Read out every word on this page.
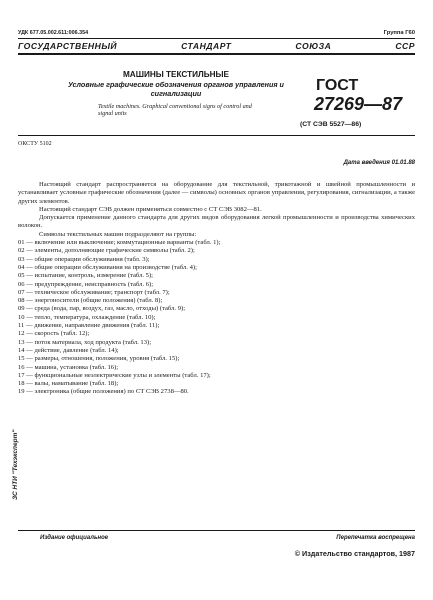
УДК 677.05.002.611:006.354	Группа Г60
ГОСУДАРСТВЕННЫЙ	СТАНДАРТ	СОЮЗА	ССР
МАШИНЫ ТЕКСТИЛЬНЫЕ
Условные графические обозначения органов управления и сигнализации
Textile machines. Graphical conventional signs of control and signal units
ГОСТ
27269—87
(СТ СЭВ 5527—86)
ОКСТУ 5102
Дата введения 01.01.88

Настоящий стандарт распространяется на оборудование для текстильной, трикотажной и швейной промышленности и устанавливает условные графические обозначения (далее — символы) основных органов управления, регулирования, сигнализации, а также других элементов.

Настоящий стандарт СЭВ должен применяться совместно с СТ СЭВ 3082—81.

Допускается применение данного стандарта для других видов оборудования легкой промышленности и производства химических волокон.

Символы текстильных машин подразделяют на группы:

01 — включение или выключение; коммутационные варианты (табл. 1);
02 — элементы, дополняющие графические символы (табл. 2);
03 — общие операции обслуживания (табл. 3);
04 — общие операции обслуживания на производстве (табл. 4);
05 — испытание, контроль, измерение (табл. 5);
06 — предупреждение, неисправность (табл. 6);
07 — техническое обслуживание; транспорт (табл. 7);
08 — энергоносители (общие положения) (табл. 8);
09 — среда (вода, пар, воздух, газ, масло, отходы) (табл. 9);
10 — тепло, температура, охлаждение (табл. 10);
11 — движение, направление движения (табл. 11);
12 — скорость (табл. 12);
13 — поток материала, ход продукта (табл. 13);
14 — действие, давление (табл. 14);
15 — размеры, отношения, положения, уровня (табл. 15);
16 — машина, установка (табл. 16);
17 — функциональные неэлектрические узлы и элементы (табл. 17);
18 — валы, наматывание (табл. 18);
19 — электроника (общие положения) по СТ СЭВ 2738—80.
ЗС НТИ "Техэксперт"
Издание официальное	Перепечатка воспрещена
© Издательство стандартов, 1987
